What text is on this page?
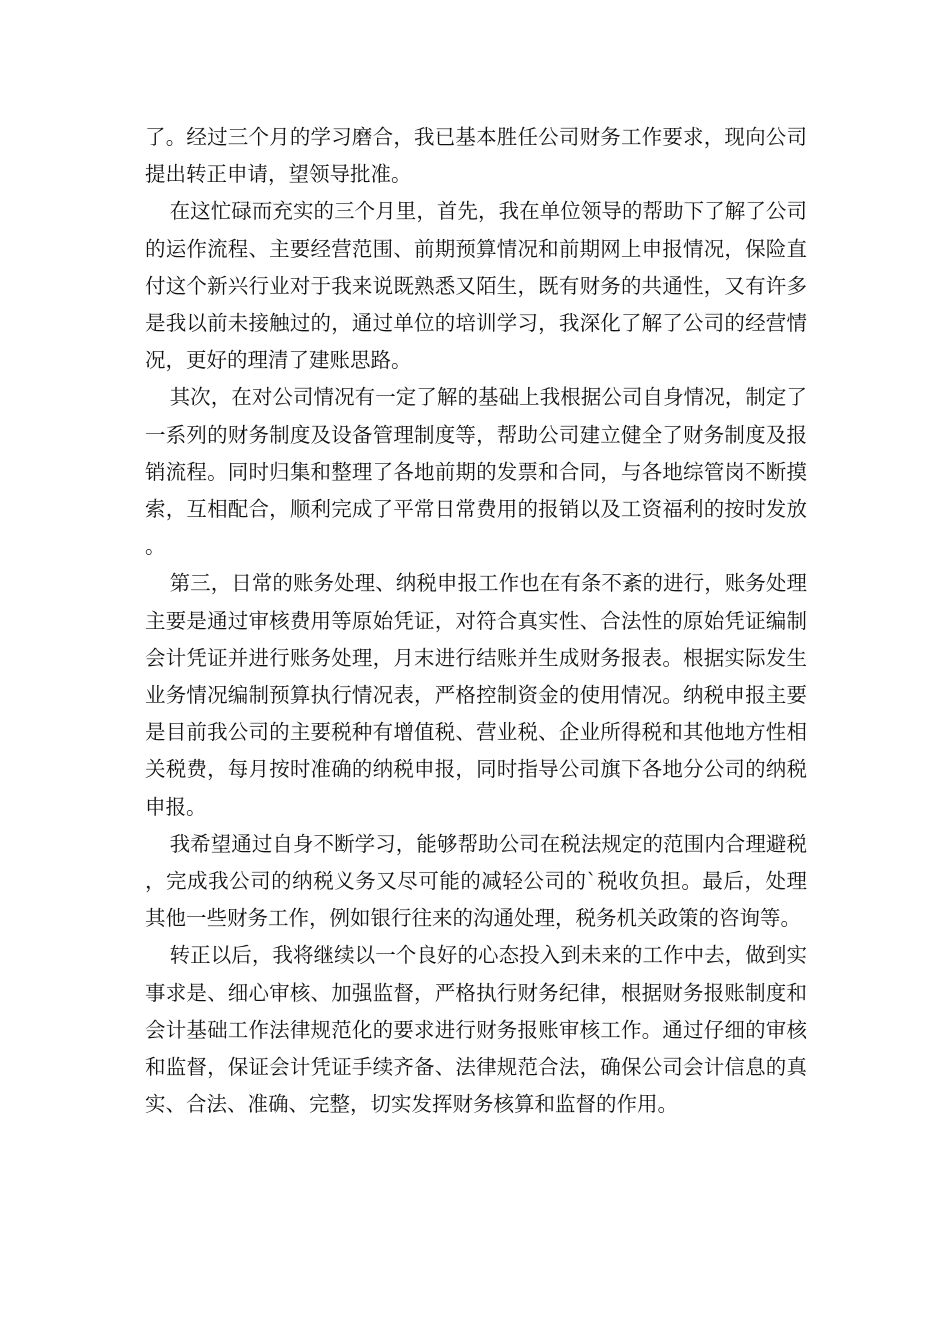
了。经过三个月的学习磨合，我已基本胜任公司财务工作要求，现向公司提出转正申请，望领导批准。

在这忙碌而充实的三个月里，首先，我在单位领导的帮助下了解了公司的运作流程、主要经营范围、前期预算情况和前期网上申报情况，保险直付这个新兴行业对于我来说既熟悉又陌生，既有财务的共通性，又有许多是我以前未接触过的，通过单位的培训学习，我深化了解了公司的经营情况，更好的理清了建账思路。

其次，在对公司情况有一定了解的基础上我根据公司自身情况，制定了一系列的财务制度及设备管理制度等，帮助公司建立健全了财务制度及报销流程。同时归集和整理了各地前期的发票和合同，与各地综管岗不断摸索，互相配合，顺利完成了平常日常费用的报销以及工资福利的按时发放。

第三，日常的账务处理、纳税申报工作也在有条不紊的进行，账务处理主要是通过审核费用等原始凭证，对符合真实性、合法性的原始凭证编制会计凭证并进行账务处理，月末进行结账并生成财务报表。根据实际发生业务情况编制预算执行情况表，严格控制资金的使用情况。纳税申报主要是目前我公司的主要税种有增值税、营业税、企业所得税和其他地方性相关税费，每月按时准确的纳税申报，同时指导公司旗下各地分公司的纳税申报。

我希望通过自身不断学习，能够帮助公司在税法规定的范围内合理避税，完成我公司的纳税义务又尽可能的减轻公司的`税收负担。最后，处理其他一些财务工作，例如银行往来的沟通处理，税务机关政策的咨询等。

转正以后，我将继续以一个良好的心态投入到未来的工作中去，做到实事求是、细心审核、加强监督，严格执行财务纪律，根据财务报账制度和会计基础工作法律规范化的要求进行财务报账审核工作。通过仔细的审核和监督，保证会计凭证手续齐备、法律规范合法，确保公司会计信息的真实、合法、准确、完整，切实发挥财务核算和监督的作用。
